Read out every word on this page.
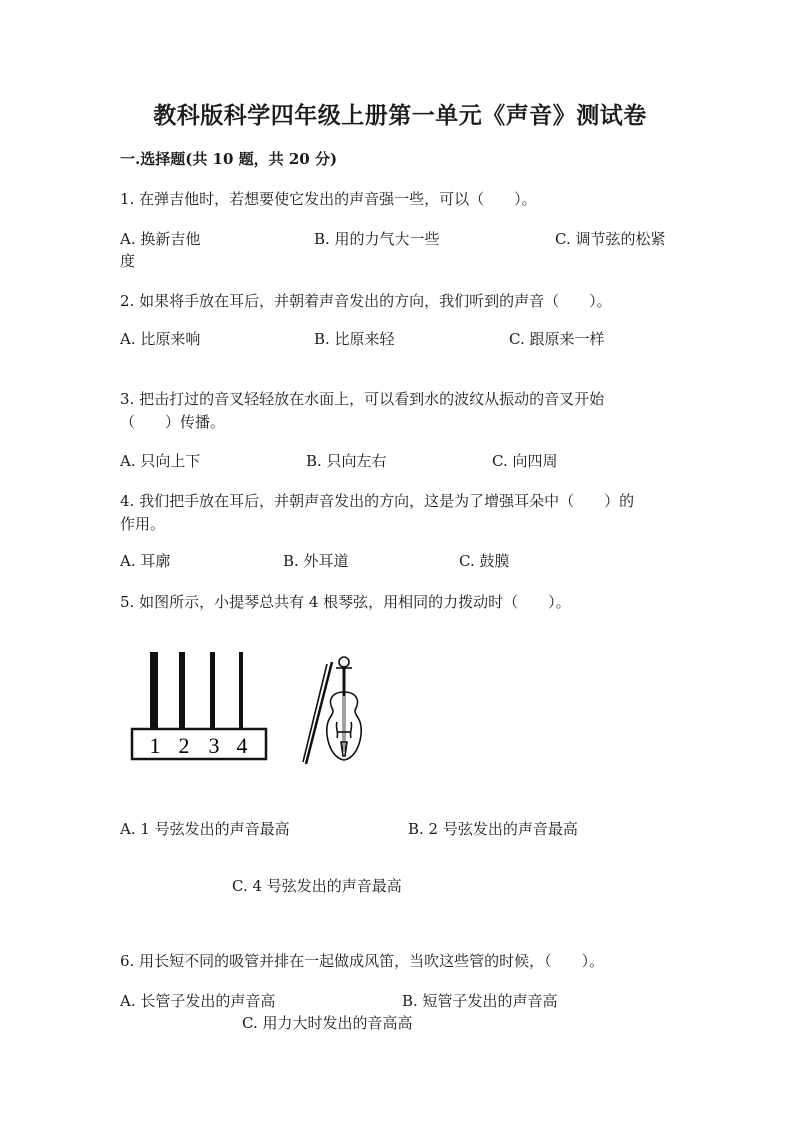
教科版科学四年级上册第一单元《声音》测试卷
一.选择题(共 10 题，共 20 分)
1. 在弹吉他时，若想要使它发出的声音强一些，可以（　　）。
A. 换新吉他	B. 用的力气大一些	C. 调节弦的松紧
度
2. 如果将手放在耳后，并朝着声音发出的方向，我们听到的声音（　　）。
A. 比原来响	B. 比原来轻	C. 跟原来一样
3. 把击打过的音叉轻轻放在水面上，可以看到水的波纹从振动的音叉开始
（　　）传播。
A. 只向上下	B. 只向左右	C. 向四周
4. 我们把手放在耳后，并朝声音发出的方向，这是为了增强耳朵中（　　）的
作用。
A. 耳廓	B. 外耳道	C. 鼓膜
5. 如图所示，小提琴总共有 4 根琴弦，用相同的力拨动时（　　）。
1 2 3 4
A. 1 号弦发出的声音最高	B. 2 号弦发出的声音最高
C. 4 号弦发出的声音最高
6. 用长短不同的吸管并排在一起做成风笛，当吹这些管的时候，（　　）。
A. 长管子发出的声音高	B. 短管子发出的声音高
C. 用力大时发出的音高高
